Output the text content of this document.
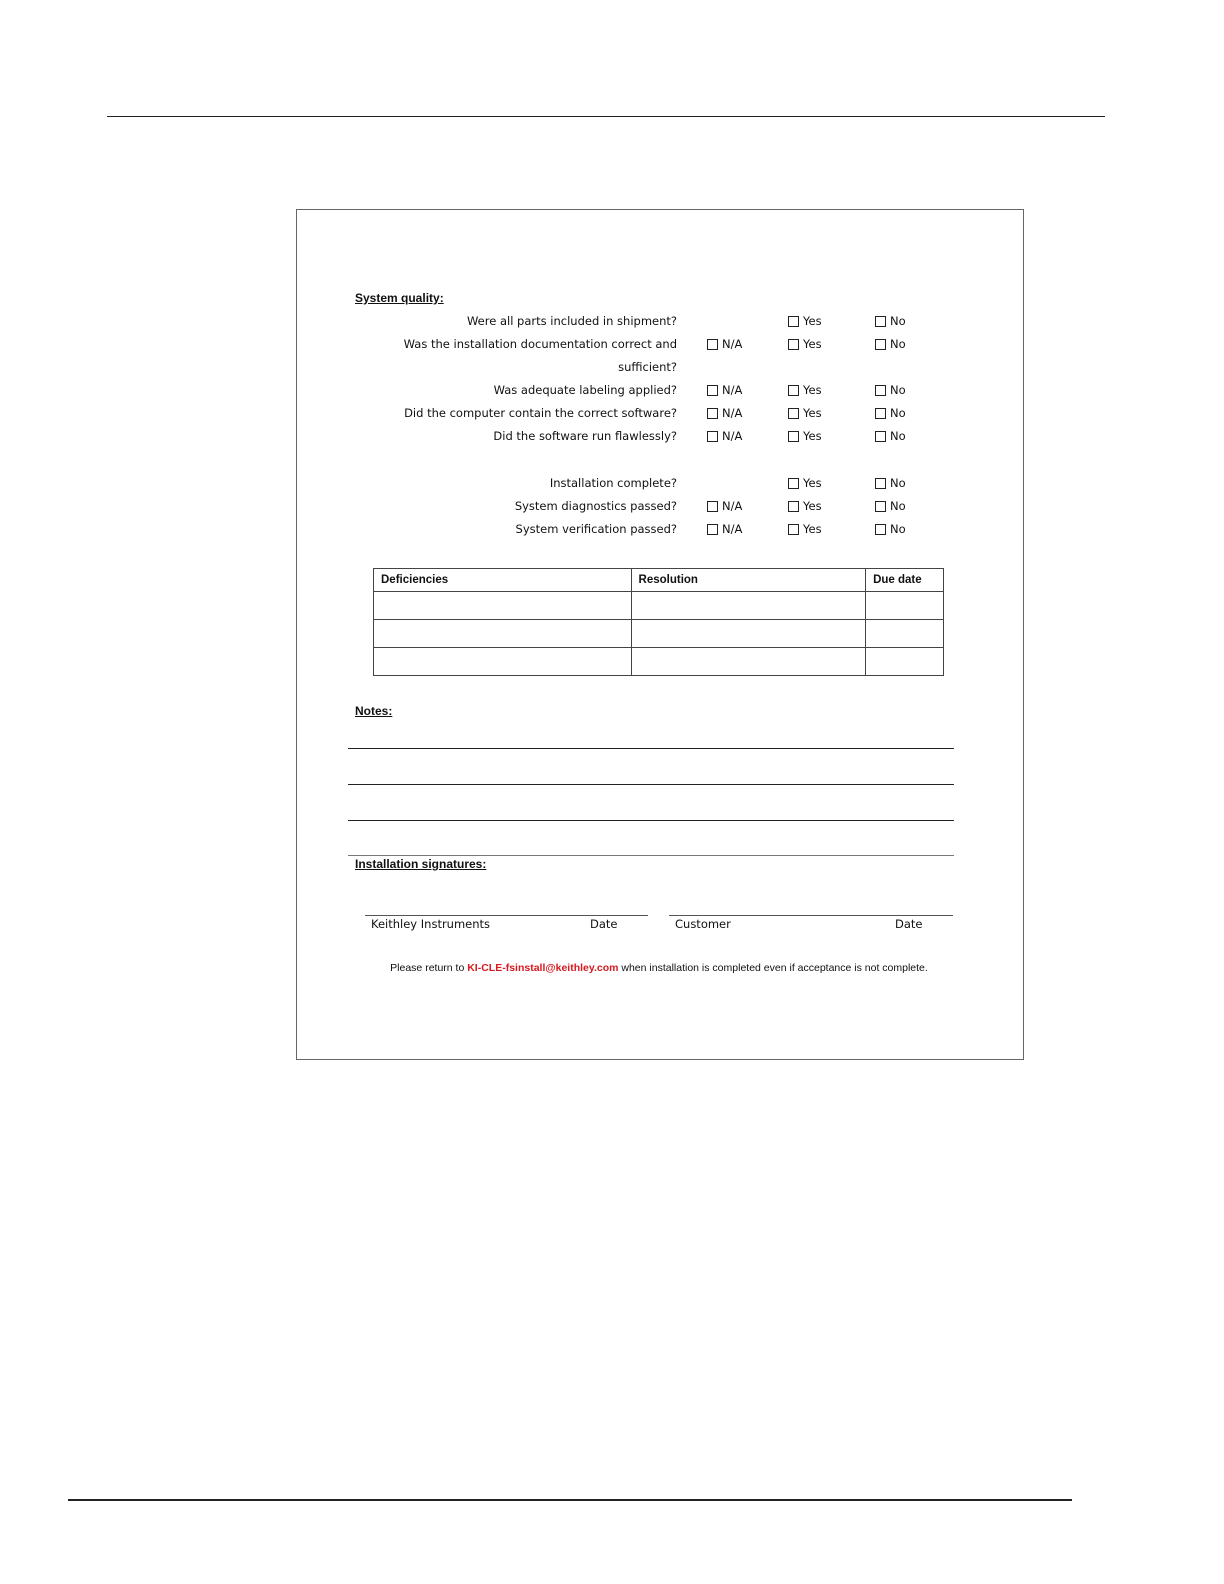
System quality:
Were all parts included in shipment?	Yes	No
Was the installation documentation correct and
sufficient?
N/A	Yes	No
Was adequate labeling applied?	N/A	Yes	No
Did the computer contain the correct software?	N/A	Yes	No
Did the software run flawlessly?	N/A	Yes	No
Installation complete?	Yes	No
System diagnostics passed?	N/A	Yes	No
System verification passed?	N/A	Yes	No
Deficiencies	Resolution	Due date

Notes:
Installation signatures:
Keithley Instruments	Date	Customer	Date
Please return to KI-CLE-fsinstall@keithley.com when installation is completed even if acceptance is not complete.
